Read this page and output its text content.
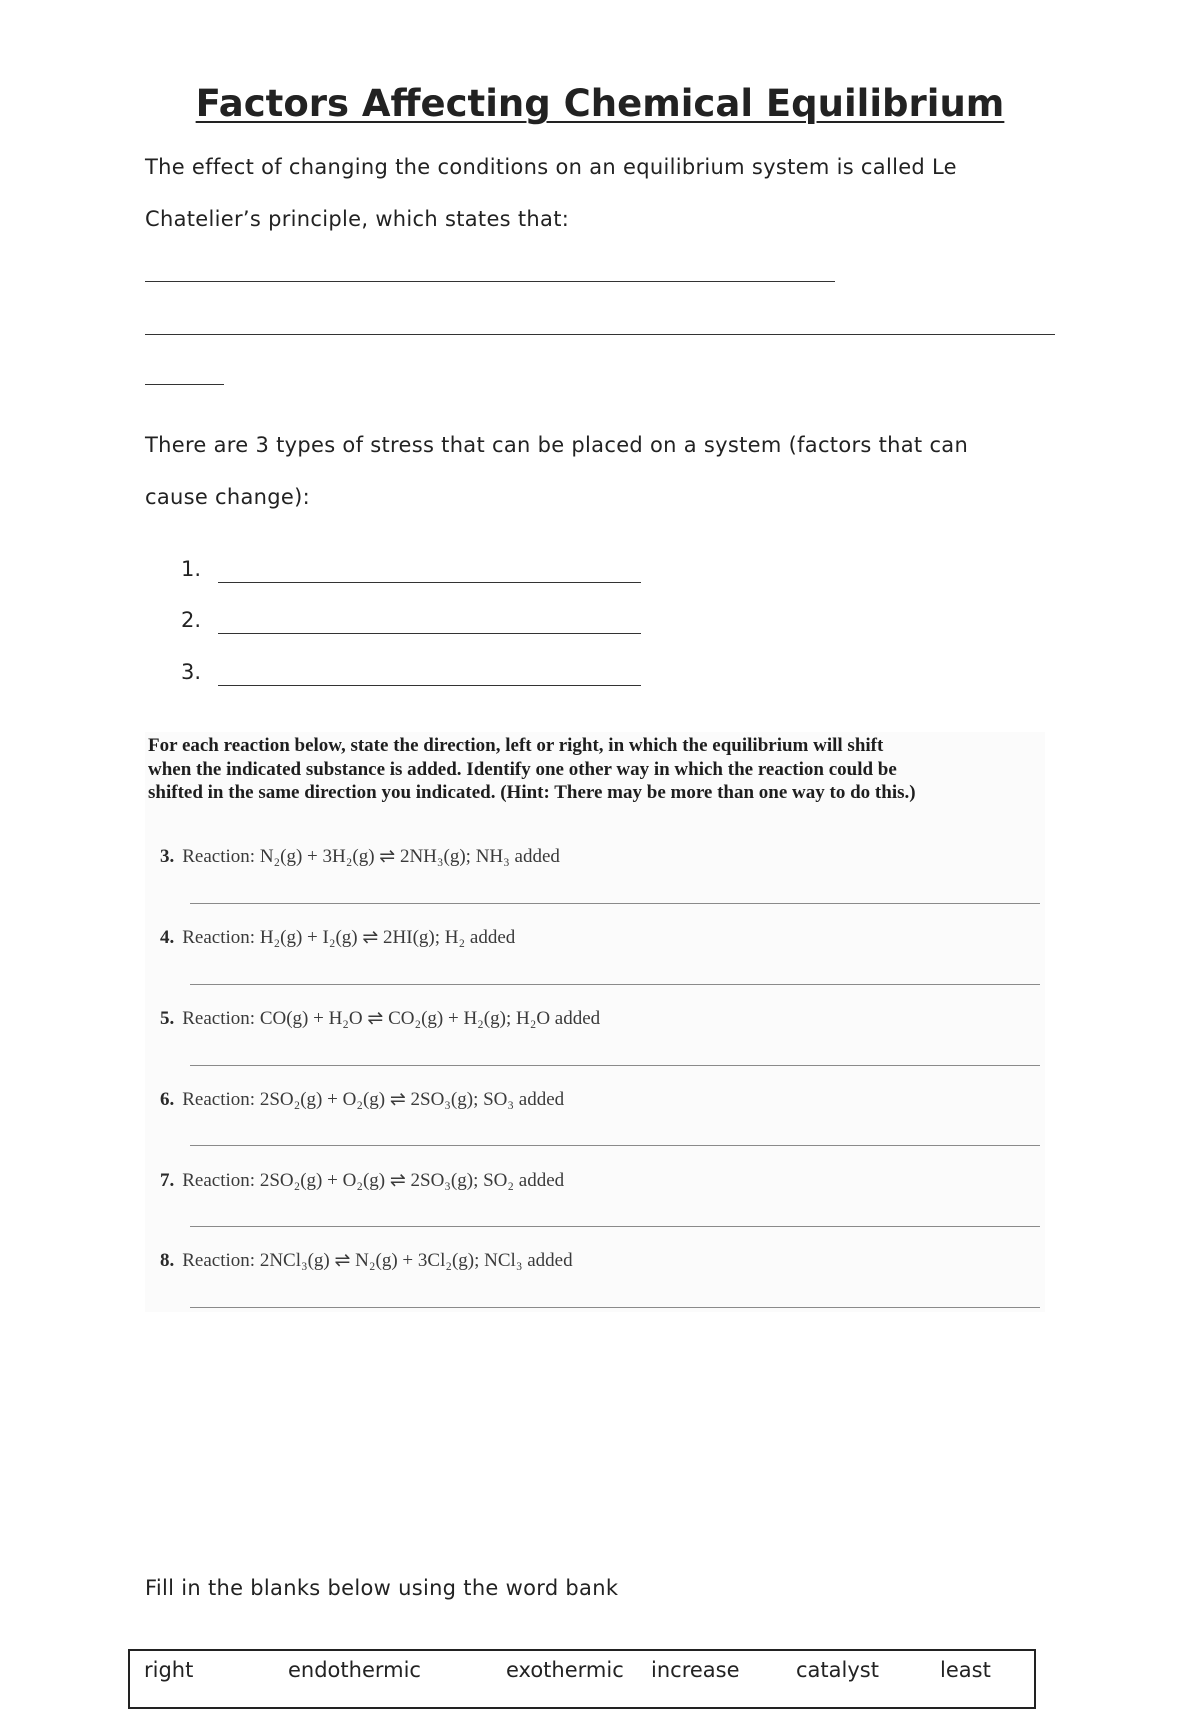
Factors Affecting Chemical Equilibrium
The effect of changing the conditions on an equilibrium system is called Le
Chatelier’s principle, which states that:
There are 3 types of stress that can be placed on a system (factors that can
cause change):
1.
2.
3.

For each reaction below, state the direction, left or right, in which the equilibrium will shift when the indicated substance is added. Identify one other way in which the reaction could be shifted in the same direction you indicated. (Hint: There may be more than one way to do this.)

3. Reaction: N₂(g) + 3H₂(g) ⇌ 2NH₃(g); NH₃ added
4. Reaction: H₂(g) + I₂(g) ⇌ 2HI(g); H₂ added
5. Reaction: CO(g) + H₂O ⇌ CO₂(g) + H₂(g); H₂O added
6. Reaction: 2SO₂(g) + O₂(g) ⇌ 2SO₃(g); SO₃ added
7. Reaction: 2SO₂(g) + O₂(g) ⇌ 2SO₃(g); SO₂ added
8. Reaction: 2NCl₃(g) ⇌ N₂(g) + 3Cl₂(g); NCl₃ added
Fill in the blanks below using the word bank
right	endothermic	exothermic increase	catalyst	least
